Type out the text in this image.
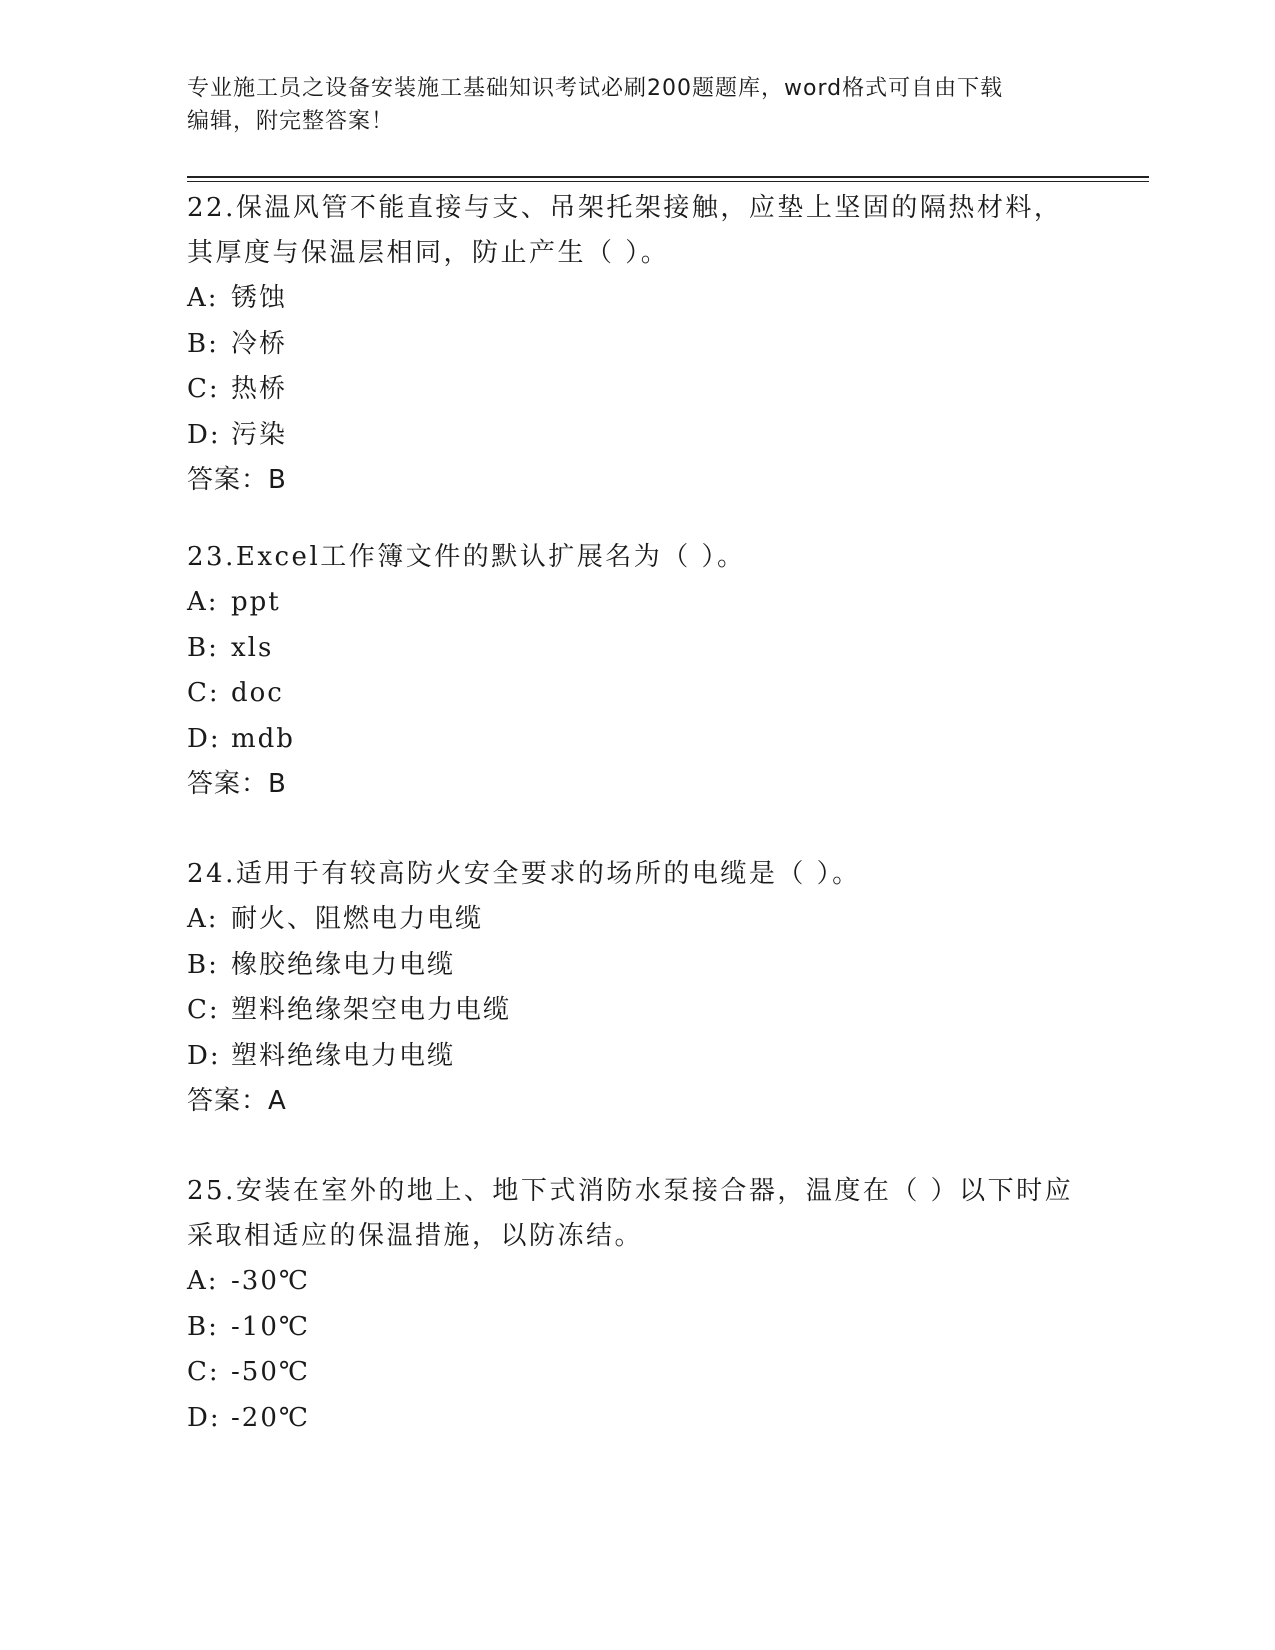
专业施工员之设备安装施工基础知识考试必刷200题题库，word格式可自由下载
编辑，附完整答案！

22.保温风管不能直接与支、吊架托架接触，应垫上坚固的隔热材料，其厚度与保温层相同，防止产生（ ）。

A: 锈蚀
B: 冷桥
C: 热桥
D: 污染
答案：B

23.Excel工作簿文件的默认扩展名为（ ）。

A: ppt
B: xls
C: doc
D: mdb
答案：B

24.适用于有较高防火安全要求的场所的电缆是（ ）。

A: 耐火、阻燃电力电缆
B: 橡胶绝缘电力电缆
C: 塑料绝缘架空电力电缆
D: 塑料绝缘电力电缆
答案：A

25.安装在室外的地上、地下式消防水泵接合器，温度在（ ）以下时应采取相适应的保温措施，以防冻结。

A: -30℃
B: -10℃
C: -50℃
D: -20℃
